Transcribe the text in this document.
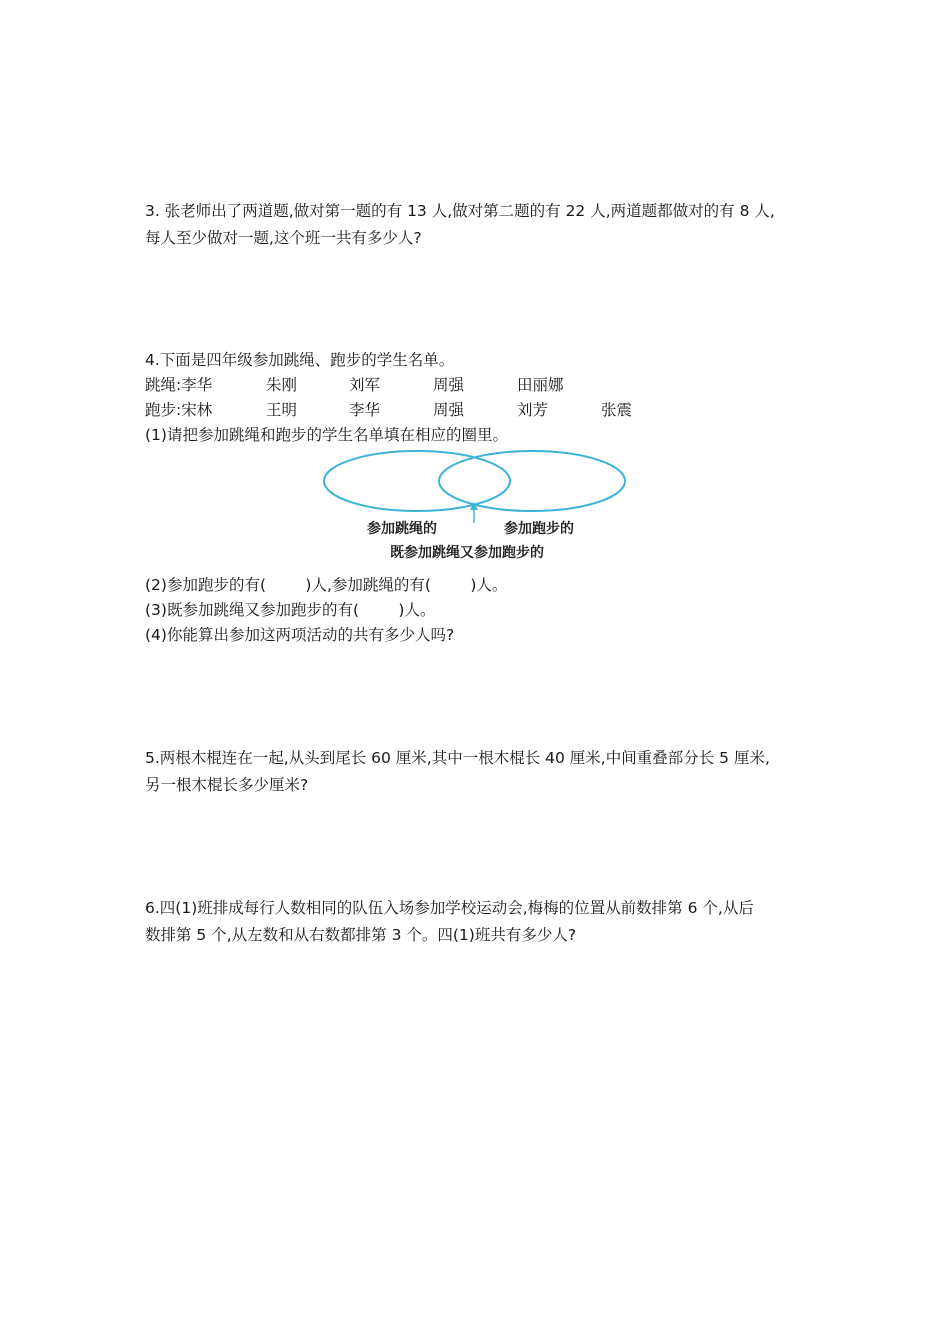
3. 张老师出了两道题,做对第一题的有 13 人,做对第二题的有 22 人,两道题都做对的有 8 人,
每人至少做对一题,这个班一共有多少人?
4.下面是四年级参加跳绳、跑步的学生名单。
跳绳:李华	朱刚	刘军	周强	田丽娜
跑步:宋林	王明	李华	周强	刘芳	张震
(1)请把参加跳绳和跑步的学生名单填在相应的圈里。
参加跳绳的	参加跑步的
既参加跳绳又参加跑步的
(2)参加跑步的有(        )人,参加跳绳的有(        )人。
(3)既参加跳绳又参加跑步的有(        )人。
(4)你能算出参加这两项活动的共有多少人吗?
5.两根木棍连在一起,从头到尾长 60 厘米,其中一根木棍长 40 厘米,中间重叠部分长 5 厘米,
另一根木棍长多少厘米?
6.四(1)班排成每行人数相同的队伍入场参加学校运动会,梅梅的位置从前数排第 6 个,从后
数排第 5 个,从左数和从右数都排第 3 个。四(1)班共有多少人?
